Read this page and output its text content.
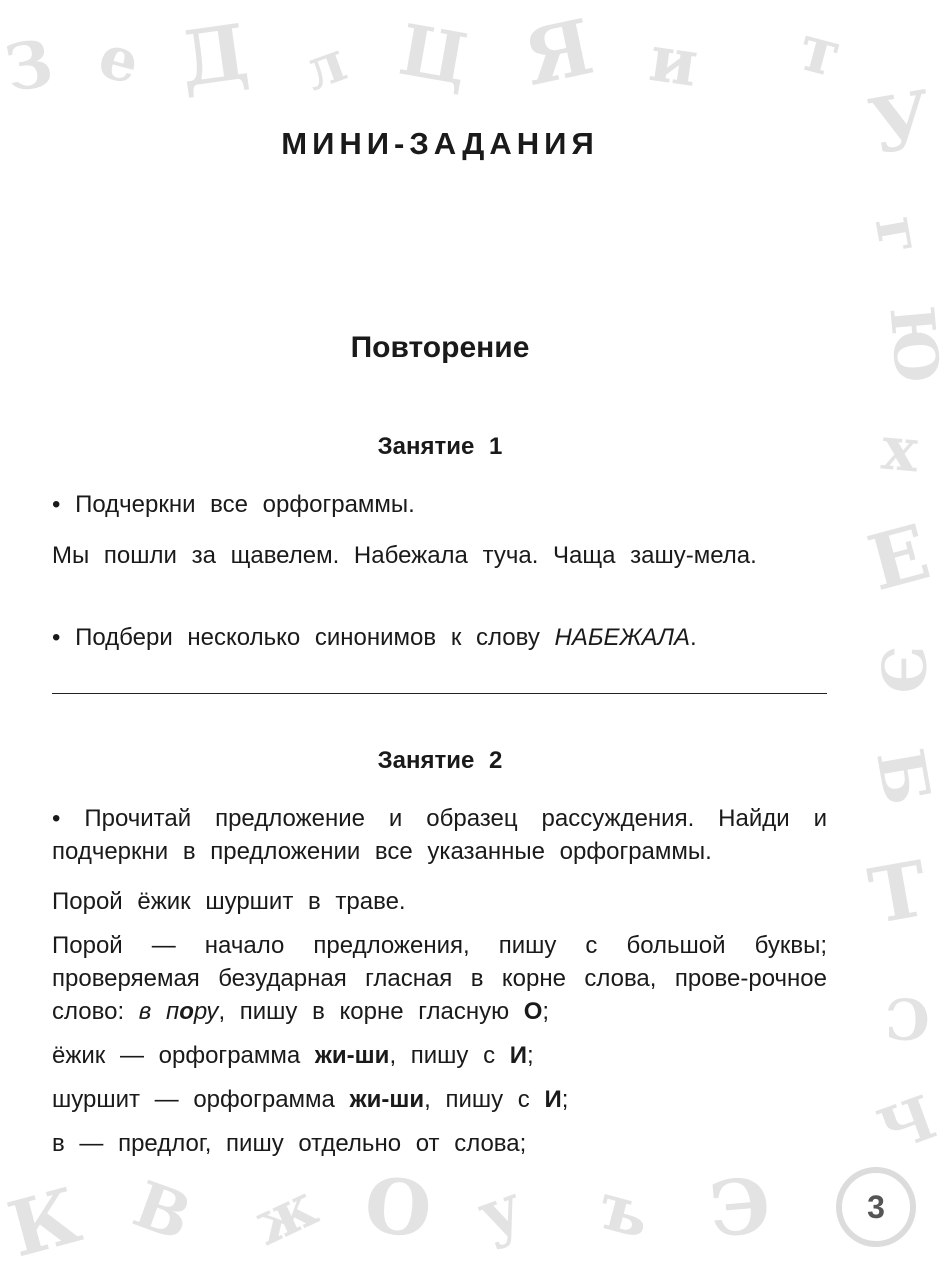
З е Д л Ц Я и т
У
г
Ю
х
Е
Э
Б
Т
С
Ч
К В ж О у ъ Э
МИНИ-ЗАДАНИЯ
Повторение
Занятие 1
• Подчеркни все орфограммы.
Мы пошли за щавелем. Набежала туча. Чаща зашу-мела.
• Подбери несколько синонимов к слову НАБЕЖАЛА.
Занятие 2
• Прочитай предложение и образец рассуждения. Найди и подчеркни в предложении все указанные орфограммы.
Порой ёжик шуршит в траве.
Порой — начало предложения, пишу с большой буквы; проверяемая безударная гласная в корне слова, прове-рочное слово: в пору, пишу в корне гласную О;
ёжик — орфограмма жи-ши, пишу с И;
шуршит — орфограмма жи-ши, пишу с И;
в — предлог, пишу отдельно от слова;
3
